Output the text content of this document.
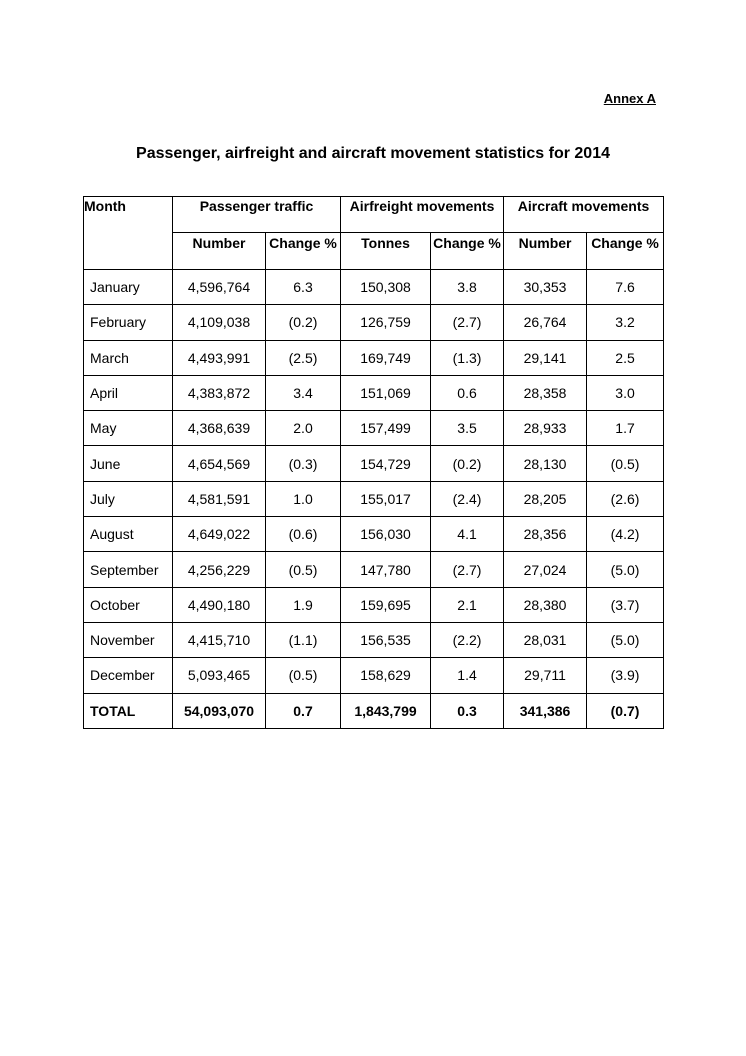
Annex A
Passenger, airfreight and aircraft movement statistics for 2014
Month	Passenger traffic		Airfreight movements		Aircraft movements	
	Number	Change %	Tonnes	Change %	Number	Change %
January	4,596,764	6.3	150,308	3.8	30,353	7.6
February	4,109,038	(0.2)	126,759	(2.7)	26,764	3.2
March	4,493,991	(2.5)	169,749	(1.3)	29,141	2.5
April	4,383,872	3.4	151,069	0.6	28,358	3.0
May	4,368,639	2.0	157,499	3.5	28,933	1.7
June	4,654,569	(0.3)	154,729	(0.2)	28,130	(0.5)
July	4,581,591	1.0	155,017	(2.4)	28,205	(2.6)
August	4,649,022	(0.6)	156,030	4.1	28,356	(4.2)
September	4,256,229	(0.5)	147,780	(2.7)	27,024	(5.0)
October	4,490,180	1.9	159,695	2.1	28,380	(3.7)
November	4,415,710	(1.1)	156,535	(2.2)	28,031	(5.0)
December	5,093,465	(0.5)	158,629	1.4	29,711	(3.9)
TOTAL	54,093,070	0.7	1,843,799	0.3	341,386	(0.7)
